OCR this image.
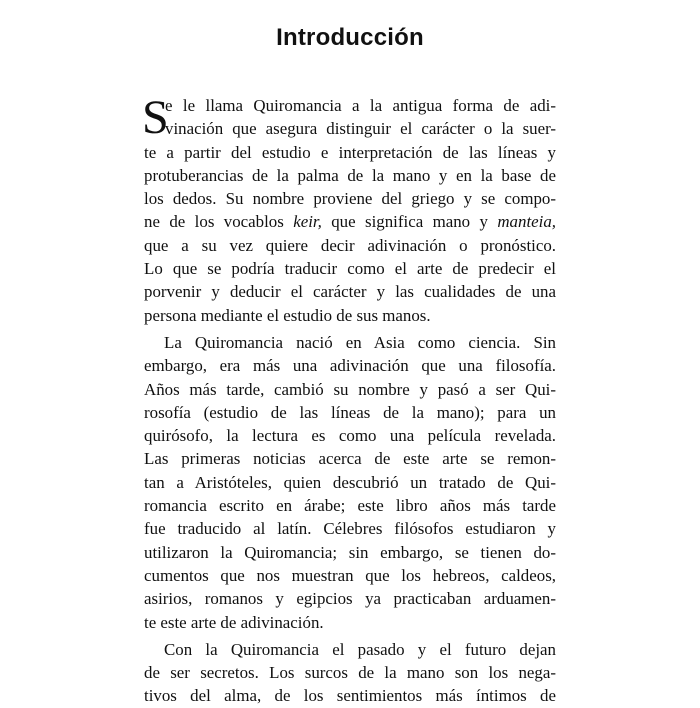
Introducción
S
e le llama Quiromancia a la antigua forma de adi-
vinación que asegura distinguir el carácter o la suer-
te a partir del estudio e interpretación de las líneas y
protuberancias de la palma de la mano y en la base de
los dedos. Su nombre proviene del griego y se compo-
ne de los vocablos keir, que significa mano y manteia,
que a su vez quiere decir adivinación o pronóstico.
Lo que se podría traducir como el arte de predecir el
porvenir y deducir el carácter y las cualidades de una
persona mediante el estudio de sus manos.
La Quiromancia nació en Asia como ciencia. Sin
embargo, era más una adivinación que una filosofía.
Años más tarde, cambió su nombre y pasó a ser Qui-
rosofía (estudio de las líneas de la mano); para un
quirósofo, la lectura es como una película revelada.
Las primeras noticias acerca de este arte se remon-
tan a Aristóteles, quien descubrió un tratado de Qui-
romancia escrito en árabe; este libro años más tarde
fue traducido al latín. Célebres filósofos estudiaron y
utilizaron la Quiromancia; sin embargo, se tienen do-
cumentos que nos muestran que los hebreos, caldeos,
asirios, romanos y egipcios ya practicaban arduamen-
te este arte de adivinación.
Con la Quiromancia el pasado y el futuro dejan
de ser secretos. Los surcos de la mano son los nega-
tivos del alma, de los sentimientos más íntimos de
